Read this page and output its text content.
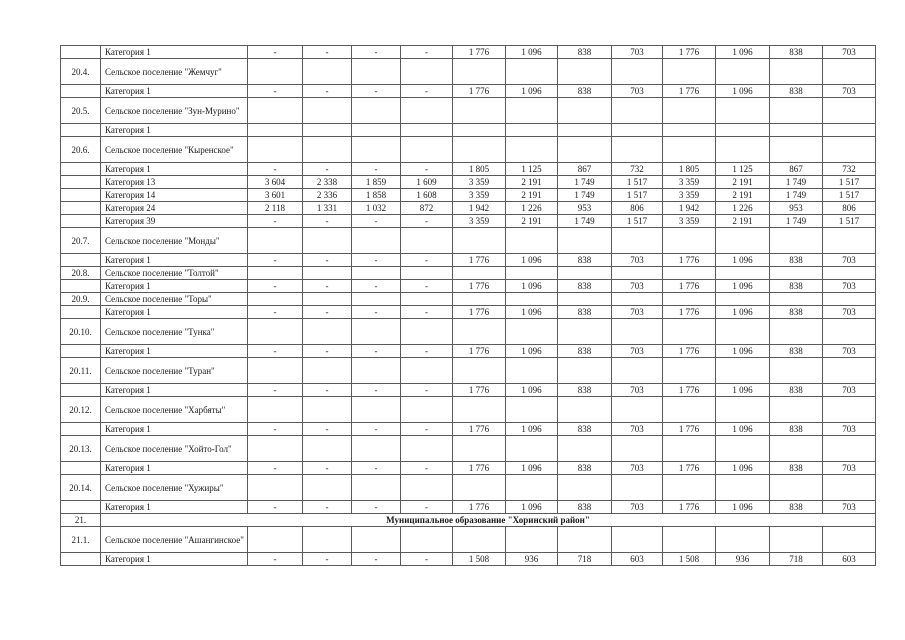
	Категория 1	-	-	-	-	1 776	1 096	838	703	1 776	1 096	838	703
20.4.	Сельское поселение "Жемчуг"												
	Категория 1	-	-	-	-	1 776	1 096	838	703	1 776	1 096	838	703
20.5.	Сельское поселение "Зун-Мурино"												
	Категория 1												
20.6.	Сельское поселение "Кыренское"												
	Категория 1	-	-	-	-	1 805	1 125	867	732	1 805	1 125	867	732
	Категория 13	3 604	2 338	1 859	1 609	3 359	2 191	1 749	1 517	3 359	2 191	1 749	1 517
	Категория 14	3 601	2 336	1 858	1 608	3 359	2 191	1 749	1 517	3 359	2 191	1 749	1 517
	Категория 24	2 118	1 331	1 032	872	1 942	1 226	953	806	1 942	1 226	953	806
	Категория 39	-	-	-	-	3 359	2 191	1 749	1 517	3 359	2 191	1 749	1 517
20.7.	Сельское поселение "Монды"												
	Категория 1	-	-	-	-	1 776	1 096	838	703	1 776	1 096	838	703
20.8.	Сельское поселение "Толтой"												
	Категория 1	-	-	-	-	1 776	1 096	838	703	1 776	1 096	838	703
20.9.	Сельское поселение "Торы"												
	Категория 1	-	-	-	-	1 776	1 096	838	703	1 776	1 096	838	703
20.10.	Сельское поселение "Тунка"												
	Категория 1	-	-	-	-	1 776	1 096	838	703	1 776	1 096	838	703
20.11.	Сельское поселение "Туран"												
	Категория 1	-	-	-	-	1 776	1 096	838	703	1 776	1 096	838	703
20.12.	Сельское поселение "Харбяты"												
	Категория 1	-	-	-	-	1 776	1 096	838	703	1 776	1 096	838	703
20.13.	Сельское поселение "Хойто-Гол"												
	Категория 1	-	-	-	-	1 776	1 096	838	703	1 776	1 096	838	703
20.14.	Сельское поселение "Хужиры"												
	Категория 1	-	-	-	-	1 776	1 096	838	703	1 776	1 096	838	703
21.	Муниципальное образование "Хоринский район"												
21.1.	Сельское поселение "Ашангинское"												
	Категория 1	-	-	-	-	1 508	936	718	603	1 508	936	718	603
